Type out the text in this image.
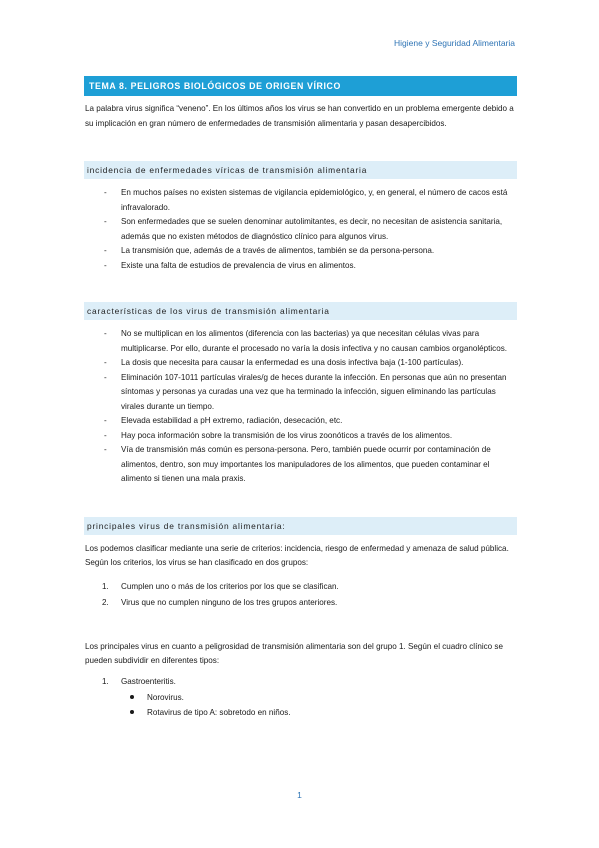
Higiene y Seguridad Alimentaria
TEMA 8. PELIGROS BIOLÓGICOS DE ORIGEN VÍRICO

La palabra virus significa “veneno”. En los últimos años los virus se han convertido en un problema emergente debido a su implicación en gran número de enfermedades de transmisión alimentaria y pasan desapercibidos.

incidencia de enfermedades víricas de transmisión alimentaria
- En muchos países no existen sistemas de vigilancia epidemiológico, y, en general, el número de cacos está infravalorado.
- Son enfermedades que se suelen denominar autolimitantes, es decir, no necesitan de asistencia sanitaria, además que no existen métodos de diagnóstico clínico para algunos virus.
- La transmisión que, además de a través de alimentos, también se da persona-persona.
- Existe una falta de estudios de prevalencia de virus en alimentos.
características de los virus de transmisión alimentaria
- No se multiplican en los alimentos (diferencia con las bacterias) ya que necesitan células vivas para multiplicarse. Por ello, durante el procesado no varía la dosis infectiva y no causan cambios organolépticos.
- La dosis que necesita para causar la enfermedad es una dosis infectiva baja (1-100 partículas).
- Eliminación 107-1011 partículas virales/g de heces durante la infección. En personas que aún no presentan síntomas y personas ya curadas una vez que ha terminado la infección, siguen eliminando las partículas virales durante un tiempo.
- Elevada estabilidad a pH extremo, radiación, desecación, etc.
- Hay poca información sobre la transmisión de los virus zoonóticos a través de los alimentos.
- Vía de transmisión más común es persona-persona. Pero, también puede ocurrir por contaminación de alimentos, dentro, son muy importantes los manipuladores de los alimentos, que pueden contaminar el alimento si tienen una mala praxis.
principales virus de transmisión alimentaria:

Los podemos clasificar mediante una serie de criterios: incidencia, riesgo de enfermedad y amenaza de salud pública. Según los criterios, los virus se han clasificado en dos grupos:

1. Cumplen uno o más de los criterios por los que se clasifican.
2. Virus que no cumplen ninguno de los tres grupos anteriores.

Los principales virus en cuanto a peligrosidad de transmisión alimentaria son del grupo 1. Según el cuadro clínico se pueden subdividir en diferentes tipos:

1. Gastroenteritis.
Norovirus.
Rotavirus de tipo A: sobretodo en niños.
1
